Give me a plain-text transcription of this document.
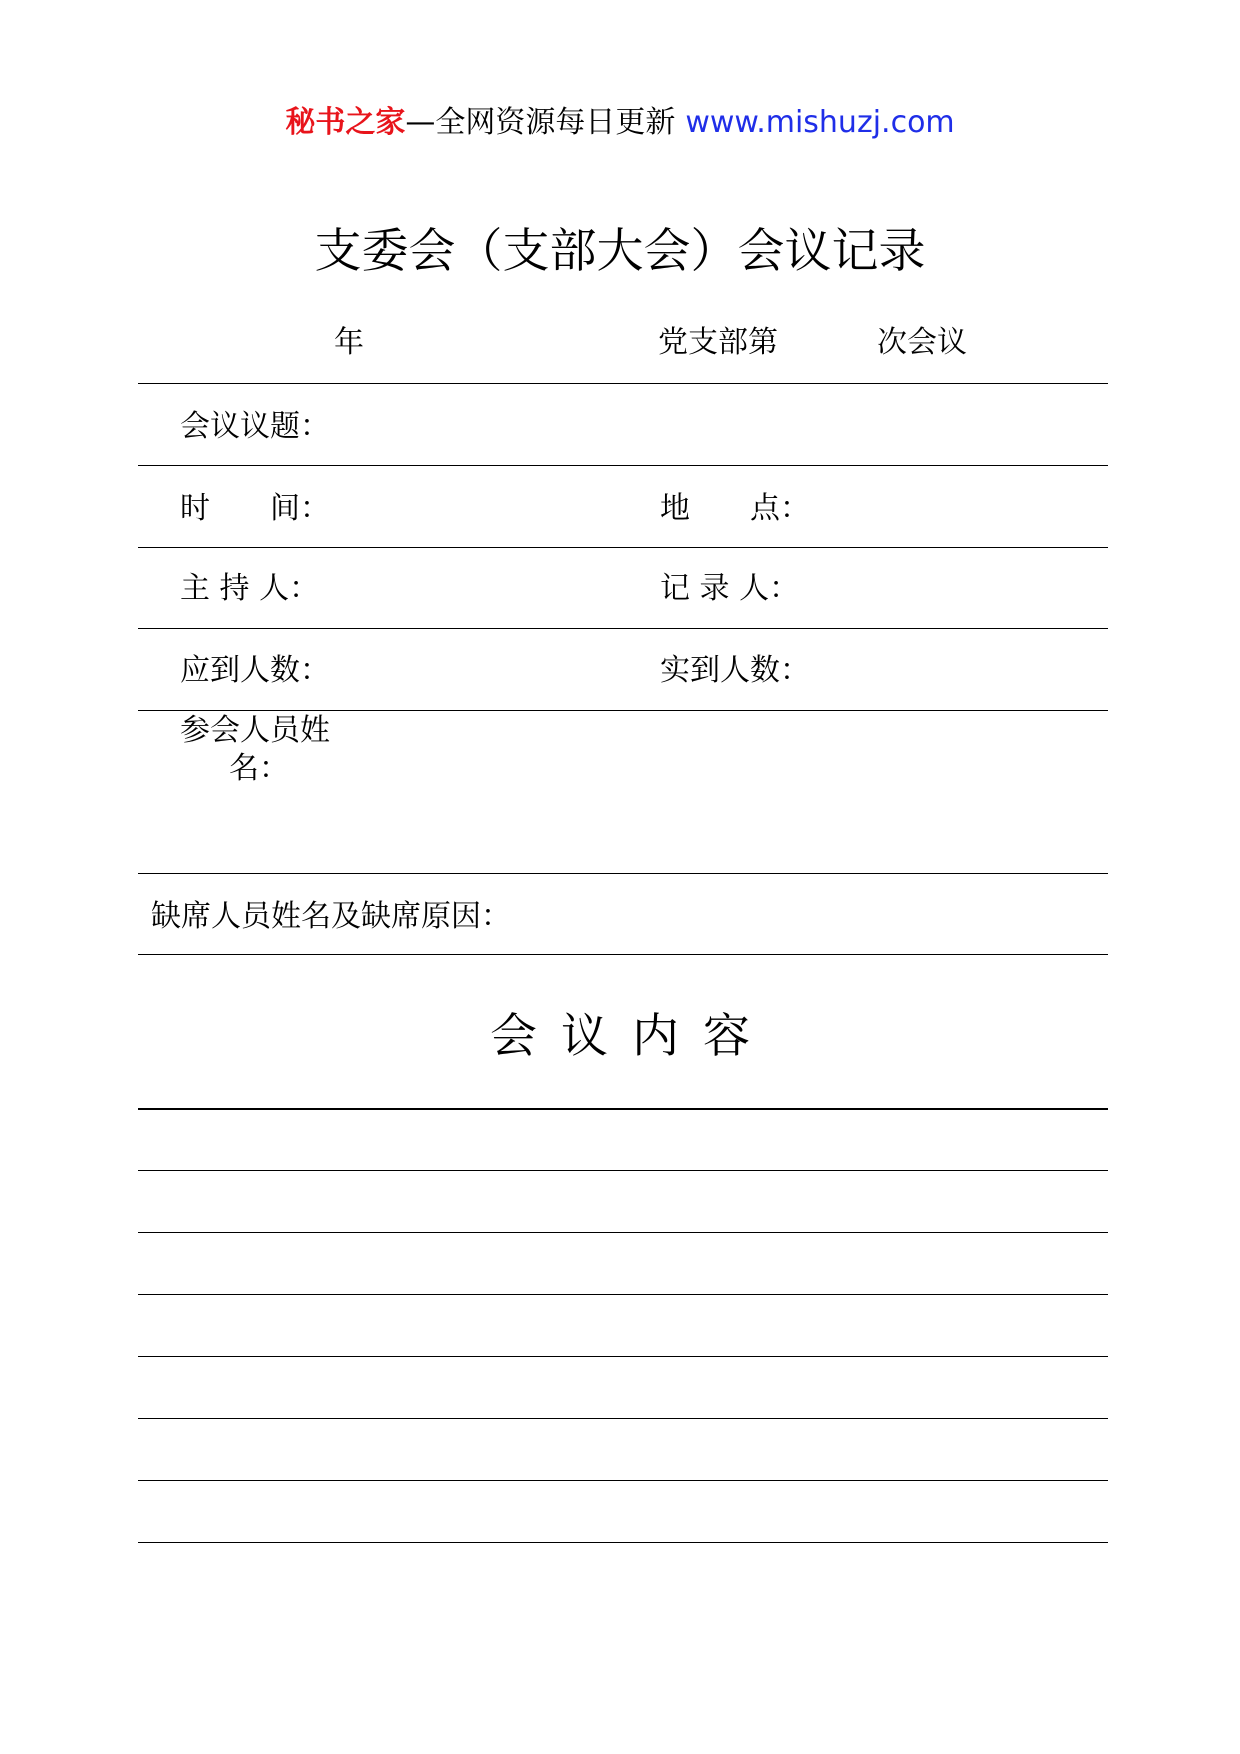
秘书之家—全网资源每日更新 www.mishuzj.com
支委会（支部大会）会议记录
年	党支部第	次会议
会议议题：
时　　间：	地　　点：
主 持 人：	记 录 人：
应到人数：	实到人数：
参会人员姓
名：
缺席人员姓名及缺席原因：
会议内容
